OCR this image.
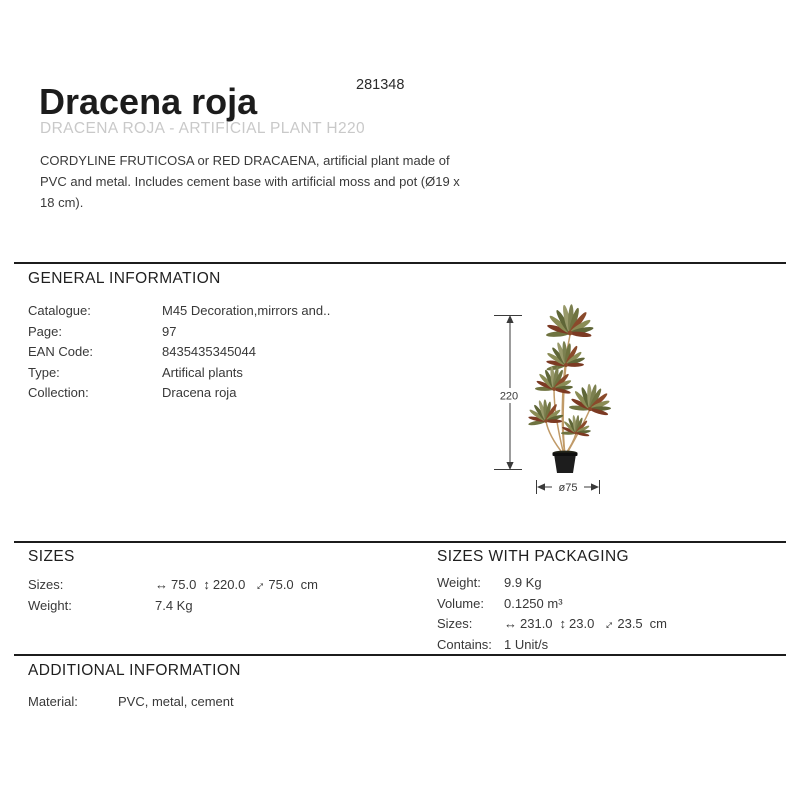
281348
Dracena roja
DRACENA ROJA - ARTIFICIAL PLANT H220

CORDYLINE FRUTICOSA or RED DRACAENA, artificial plant made of PVC and metal. Includes cement base with artificial moss and pot (Ø19 x 18 cm).

GENERAL INFORMATION
Catalogue:	M45 Decoration,mirrors and..
Page:	97
EAN Code:	8435435345044
Type:	Artifical plants
Collection:	Dracena roja	220
ø75
SIZES
Sizes:	↔ 75.0 ↕ 220.0 ↔75.0 cm
Weight:	7.4 Kg
SIZES WITH PACKAGING
Weight:	9.9 Kg
Volume:	0.1250 m³
Sizes:	↔ 231.0 ↕ 23.0 ↔23.5 cm
Contains: 1 Unit/s
ADDITIONAL INFORMATION
Material:	PVC, metal, cement
